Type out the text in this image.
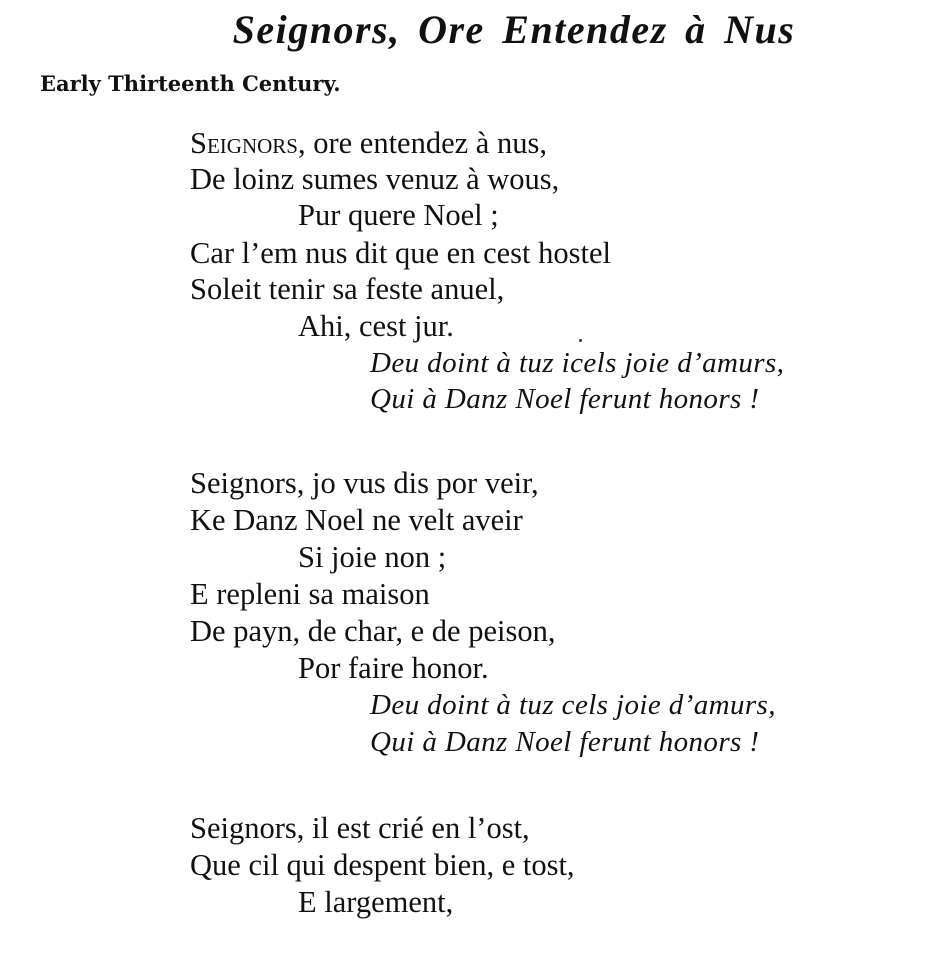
Seignors, Ore Entendez à Nus

Early Thirteenth Century.

Seignors, ore entendez à nus,

De loinz sumes venuz à wous,

Pur quere Noel ;

Car l’em nus dit que en cest hostel

Soleit tenir sa feste anuel,

Ahi, cest jur.

Deu doint à tuz icels joie d’amurs,

Qui à Danz Noel ferunt honors !

Seignors, jo vus dis por veir,

Ke Danz Noel ne velt aveir

Si joie non ;

E repleni sa maison

De payn, de char, e de peison,

Por faire honor.

Deu doint à tuz cels joie d’amurs,

Qui à Danz Noel ferunt honors !

Seignors, il est crié en l’ost,

Que cil qui despent bien, e tost,

E largement,
